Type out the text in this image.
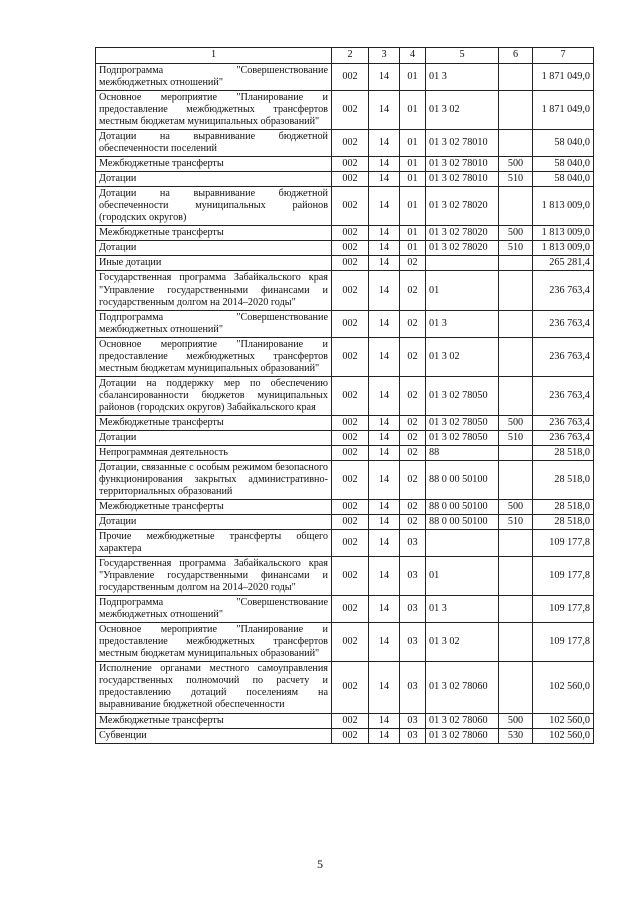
1	2	3	4	5	6	7
Подпрограмма "Совершенствование межбюджетных отношений"	002	14	01	01 3		1 871 049,0
Основное мероприятие "Планирование и предоставление межбюджетных трансфертов местным бюджетам муниципальных образований"	002	14	01	01 3 02		1 871 049,0
Дотации на выравнивание бюджетной обеспеченности поселений	002	14	01	01 3 02 78010		58 040,0
Межбюджетные трансферты	002	14	01	01 3 02 78010	500	58 040,0
Дотации	002	14	01	01 3 02 78010	510	58 040,0
Дотации на выравнивание бюджетной обеспеченности муниципальных районов (городских округов)	002	14	01	01 3 02 78020		1 813 009,0
Межбюджетные трансферты	002	14	01	01 3 02 78020	500	1 813 009,0
Дотации	002	14	01	01 3 02 78020	510	1 813 009,0
Иные дотации	002	14	02			265 281,4
Государственная программа Забайкальского края "Управление государственными финансами и государственным долгом на 2014–2020 годы"	002	14	02	01		236 763,4
Подпрограмма "Совершенствование межбюджетных отношений"	002	14	02	01 3		236 763,4
Основное мероприятие "Планирование и предоставление межбюджетных трансфертов местным бюджетам муниципальных образований"	002	14	02	01 3 02		236 763,4
Дотации на поддержку мер по обеспечению сбалансированности бюджетов муниципальных районов (городских округов) Забайкальского края	002	14	02	01 3 02 78050		236 763,4
Межбюджетные трансферты	002	14	02	01 3 02 78050	500	236 763,4
Дотации	002	14	02	01 3 02 78050	510	236 763,4
Непрограммная деятельность	002	14	02	88		28 518,0
Дотации, связанные с особым режимом безопасного функционирования закрытых административно-территориальных образований	002	14	02	88 0 00 50100		28 518,0
Межбюджетные трансферты	002	14	02	88 0 00 50100	500	28 518,0
Дотации	002	14	02	88 0 00 50100	510	28 518,0
Прочие межбюджетные трансферты общего характера	002	14	03			109 177,8
Государственная программа Забайкальского края "Управление государственными финансами и государственным долгом на 2014–2020 годы"	002	14	03	01		109 177,8
Подпрограмма "Совершенствование межбюджетных отношений"	002	14	03	01 3		109 177,8
Основное мероприятие "Планирование и предоставление межбюджетных трансфертов местным бюджетам муниципальных образований"	002	14	03	01 3 02		109 177,8
Исполнение органами местного самоуправления государственных полномочий по расчету и предоставлению дотаций поселениям на выравнивание бюджетной обеспеченности	002	14	03	01 3 02 78060		102 560,0
Межбюджетные трансферты	002	14	03	01 3 02 78060	500	102 560,0
Субвенции	002	14	03	01 3 02 78060	530	102 560,0
5
